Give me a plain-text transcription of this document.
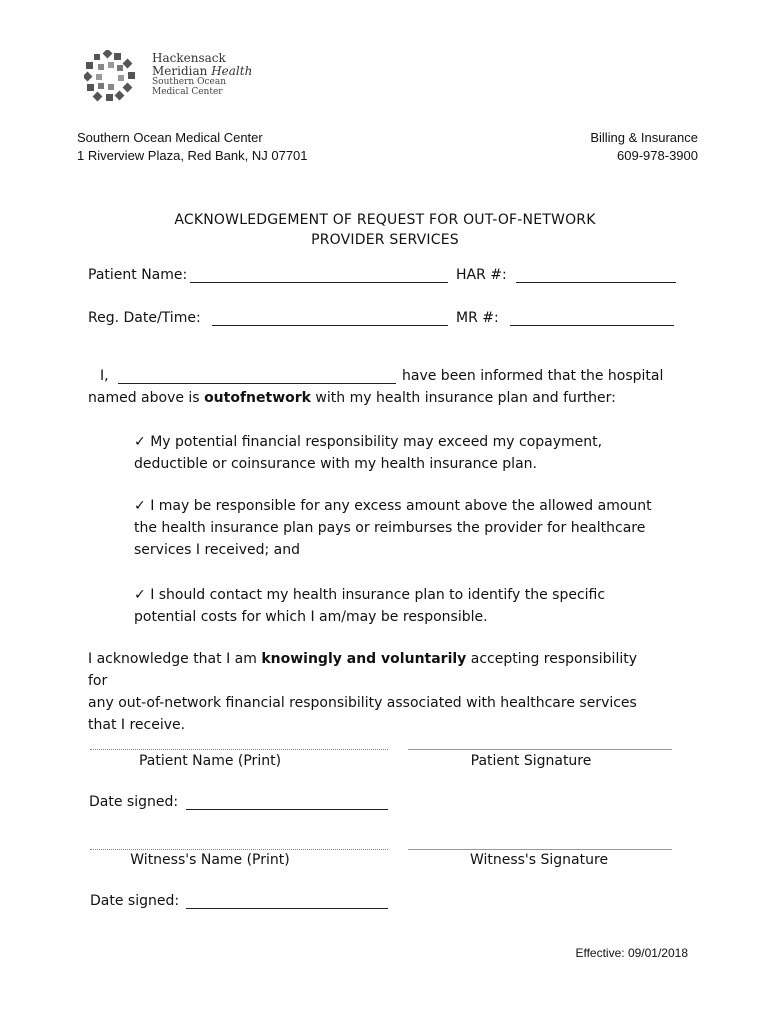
Hackensack
Meridian Health
Southern Ocean
Medical Center
Southern Ocean Medical Center
1 Riverview Plaza, Red Bank, NJ 07701
Billing & Insurance
609-978-3900
ACKNOWLEDGEMENT OF REQUEST FOR OUT-OF-NETWORK
PROVIDER SERVICES
Patient Name:	HAR #:
Reg. Date/Time:	MR #:
I,	have been informed that the hospital
named above is outofnetwork with my health insurance plan and further:
✓ My potential financial responsibility may exceed my copayment,
deductible or coinsurance with my health insurance plan.
✓ I may be responsible for any excess amount above the allowed amount
the health insurance plan pays or reimburses the provider for healthcare
services I received; and
✓ I should contact my health insurance plan to identify the specific
potential costs for which I am/may be responsible.
I acknowledge that I am knowingly and voluntarily accepting responsibility for
any out-of-network financial responsibility associated with healthcare services
that I receive.
Patient Name (Print)	Patient Signature
Date signed:
Witness's Name (Print)	Witness's Signature
Date signed:
Effective: 09/01/2018
